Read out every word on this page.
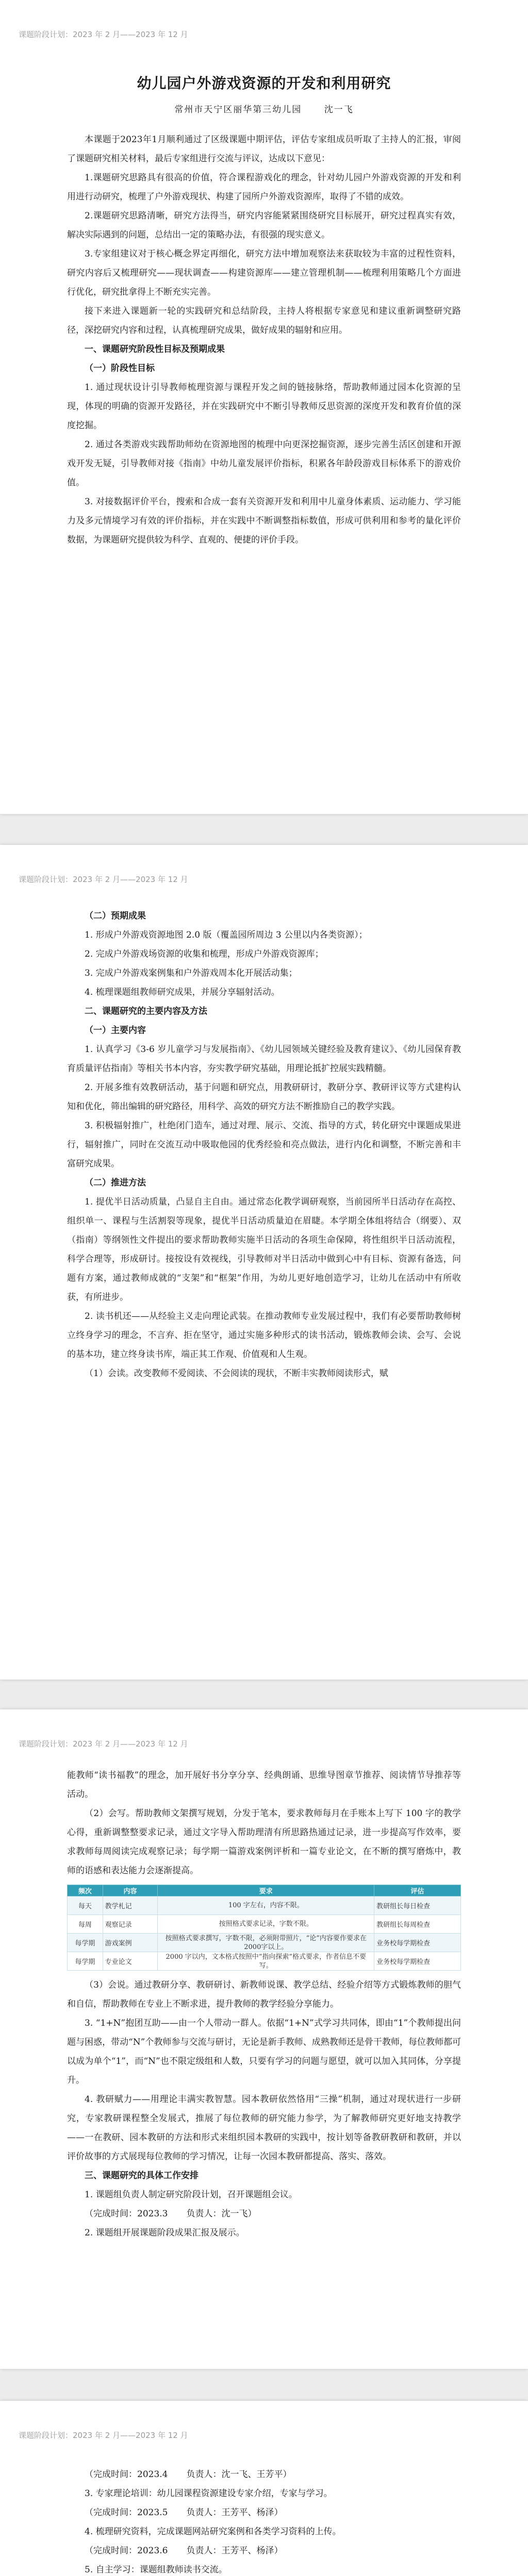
课题阶段计划：2023 年 2 月——2023 年 12 月
幼儿园户外游戏资源的开发和利用研究
常州市天宁区丽华第三幼儿园	沈一飞

本课题于2023年1月顺利通过了区级课题中期评估，评估专家组成员听取了主持人的汇报，审阅了课题研究相关材料，最后专家组进行交流与评议，达成以下意见：

1.课题研究思路具有很高的价值，符合课程游戏化的理念，针对幼儿园户外游戏资源的开发和利用进行动研究，梳理了户外游戏现状、构建了园所户外游戏资源库，取得了不错的成效。

2.课题研究思路清晰，研究方法得当，研究内容能紧紧围绕研究目标展开，研究过程真实有效，解决实际遇到的问题，总结出一定的策略办法，有很强的现实意义。

3.专家组建议对于核心概念界定再细化，研究方法中增加观察法来获取较为丰富的过程性资料，研究内容后又梳理研究——现状调查——构建资源库——建立管理机制——梳理利用策略几个方面进行优化，研究批拿得上不断充实完善。

接下来进入课题新一轮的实践研究和总结阶段，主持人将根据专家意见和建议重新调整研究路径，深挖研究内容和过程，认真梳理研究成果，做好成果的辐射和应用。

一、课题研究阶段性目标及预期成果
（一）阶段性目标

1. 通过现状设计引导教师梳理资源与课程开发之间的链接脉络，帮助教师通过园本化资源的呈现，体现的明确的资源开发路径，并在实践研究中不断引导教师反思资源的深度开发和教育价值的深度挖掘。

2. 通过各类游戏实践帮助师幼在资源地图的梳理中向更深挖掘资源，逐步完善生活区创建和开源戏开发无疑，引导教师对接《指南》中幼儿童发展评价指标，积累各年龄段游戏目标体系下的游戏价值。

3. 对接数据评价平台，搜索和合成一套有关资源开发和利用中儿童身体素质、运动能力、学习能力及多元情境学习有效的评价指标，并在实践中不断调整指标数值，形成可供利用和参考的量化评价数据，为课题研究提供较为科学、直观的、便捷的评价手段。

课题阶段计划：2023 年 2 月——2023 年 12 月
（二）预期成果
1. 形成户外游戏资源地图 2.0 版（覆盖园所周边 3 公里以内各类资源）；
2. 完成户外游戏场资源的收集和梳理，形成户外游戏资源库；
3. 完成户外游戏案例集和户外游戏周本化开展活动集；
4. 梳理课题组教师研究成果，并展分享辐射活动。
二、课题研究的主要内容及方法
（一）主要内容

1. 认真学习《3-6 岁儿童学习与发展指南》、《幼儿园领域关键经验及教育建议》、《幼儿园保育教育质量评估指南》等相关书本内容，夯实教学研究基础，用理论抵扩控展实践精髓。

2. 开展多维有效教研活动，基于问题和研究点，用教研研讨，教研分享、教研评议等方式建构认知和优化，筛出编辑的研究路径，用科学、高效的研究方法不断推励自己的教学实践。

3. 积极辐射推广，杜绝闭门造车，通过对理、展示、交流、指导的方式，转化研究中课题成果进行，辐射推广，同时在交流互动中吸取他园的优秀经验和亮点做法，进行内化和调整，不断完善和丰富研究成果。

（二）推进方法

1. 提优半日活动质量，凸显自主自由。通过常态化教学调研观察，当前园所半日活动存在高控、组织单一、课程与生活割裂等现象，提优半日活动质量迫在眉睫。本学期全体组将结合（纲要）、双（指南）等纲领性文件提出的要求帮助教师实施半日活动的各项生命保障，将性组织半日活动流程，科学合理等，形成研讨。接按设有效视线，引导教师对半日活动中做到心中有目标、资源有备选，问题有方案，通过教师成就的“支架”和“框架”作用，为幼儿更好地创造学习，让幼儿在活动中有所收获，有所进步。

2. 读书机还——从经验主义走向理论武装。在推动教师专业发展过程中，我们有必要帮助教师树立终身学习的理念，不言弃、拒在坚守，通过实施多种形式的读书活动，锻炼教师会读、会写、会说的基本功，建立终身读书库，端正其工作观、价值观和人生观。

（1）会读。改变教师不爱阅读、不会阅读的现状，不断丰实教师阅读形式，赋

课题阶段计划：2023 年 2 月——2023 年 12 月

能教师“读书福教”的理念，加开展好书分享分享、经典朗诵、思维导图章节推荐、阅读情节导推荐等活动。

（2）会写。帮助教师文架撰写规划，分发于笔本，要求教师每月在手账本上写下 100 字的教学心得，重新调整整要求记录，通过文字导入帮助理清有所思路热通过记录，进一步提高写作效率，要求教师每周阅读完成观察记录；每学期一篇游戏案例评析和一篇专业论文，在不断的撰写磨炼中，教师的语感和表达能力会逐渐提高。

频次	内容	要求	评估
每天	教学札记	100 字左右，内容不限。	教研组长每日检查
每周	观察记录	按照格式要求记录，字数不限。	教研组长每周检查
每学期	游戏案例	按照格式要求撰写，字数不限，必须附带照片，“论”内容要作要求在2000字以上。	业务校每学期检查
每学期	专业论文	2000 字以内，文本格式按照中“指向探索”格式要求，作者信息不要写。	业务校每学期检查

（3）会说。通过教研分享、教研研讨、新教师说课、教学总结、经验介绍等方式锻炼教师的胆气和自信，帮助教师在专业上不断求进，提升教师的教学经验分享能力。

3. “1+N”抱团互助——由一个人带动一群人。依据“1+N”式学习共同体，即由“1”个教师提出问题与困惑，带动“N”个教师参与交流与研讨，无论是新手教师、成熟教师还是骨干教师，每位教师都可以成为单个“1”，而“N”也不限定级组和人数，只要有学习的问题与愿望，就可以加入其同体，分享提升。

4. 教研赋力——用理论丰满实教智慧。园本教研依然恪用“三操”机制，通过对现状进行一步研究，专家教研课程整全发展式，推展了每位教师的研究能力参学，为了解教师研究更好地支持教学——一在教研、园本教研的方法和形式来组织园本教研的实践中，按计划等备教研教研和教研，并以评价故事的方式展现每位教师的学习情况，让每一次园本教研都提高、落实、落效。

三、课题研究的具体工作安排
1. 课题组负责人制定研究阶段计划，召开课题组会议。
（完成时间：2023.3 负责人：沈一飞）
2. 课题组开展课题阶段成果汇报及展示。
课题阶段计划：2023 年 2 月——2023 年 12 月
（完成时间：2023.4 负责人：沈一飞、王芳平）
3. 专家理论培训：幼儿园课程资源建设专家介绍，专家与学习。
（完成时间：2023.5 负责人：王芳平、杨泽）
4. 梳理研究资料，完成课题网站研究案例和各类学习资料的上传。
（完成时间：2023.6 负责人：王芳平、杨泽）
5. 自主学习：课题组教师读书交流。
